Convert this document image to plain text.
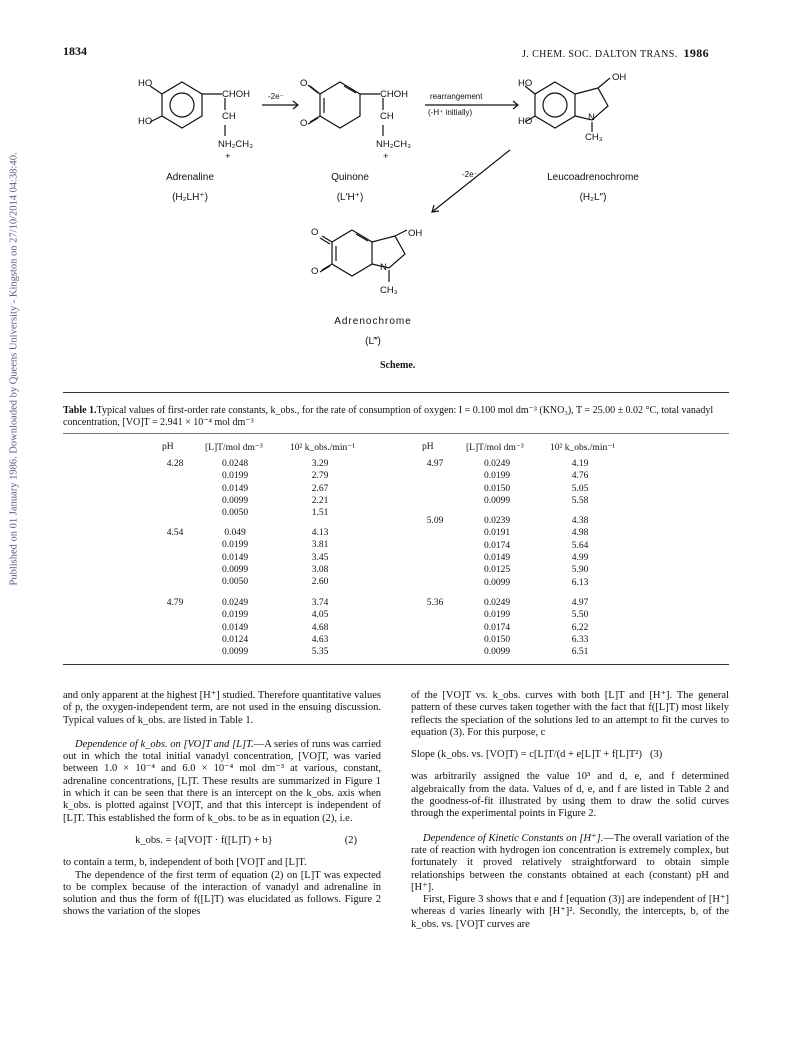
1834	J. CHEM. SOC. DALTON TRANS. 1986
Published on 01 January 1986. Downloaded by Queens University - Kingston on 27/10/2014 04:38:40.
HO
HO
CHOH
CH
NH₂CH₃
+
-2e⁻
O
O
CHOH
CH
NH₂CH₃
+
rearrangement
(-H⁺ initially)
HO
HO
OH
N
CH₃
-2e⁻
O
O
OH
N
CH₃
Adrenaline
(H₂LH⁺)
Quinone
(L′H⁺)
Leucoadrenochrome
(H₂L″)
Adrenochrome
(L‴)
Scheme.
Table 1.Typical values of first-order rate constants, k_obs., for the rate of consumption of oxygen: I = 0.100 mol dm⁻³ (KNO₃), T = 25.00 ± 0.02 °C, total vanadyl concentration, [VO]T = 2.941 × 10⁻⁴ mol dm⁻³
pH	[L]T/mol dm⁻³	10² k_obs./min⁻¹	pH	[L]T/mol dm⁻³	10² k_obs./min⁻¹
4.28	0.0248	3.29
0.0199	2.79
0.0149	2.67
0.0099	2.21
0.0050	1.51
4.54	0.049	4.13
0.0199	3.81
0.0149	3.45
0.0099	3.08
0.0050	2.60
4.79	0.0249	3.74
0.0199	4.05
0.0149	4.68
0.0124	4.63
0.0099	5.35
4.97	0.0249	4.19
0.0199	4.76
0.0150	5.05
0.0099	5.58
5.09	0.0239	4.38
0.0191	4.98
0.0174	5.64
0.0149	4.99
0.0125	5.90
0.0099	6.13
5.36	0.0249	4.97
0.0199	5.50
0.0174	6.22
0.0150	6.33
0.0099	6.51

and only apparent at the highest [H⁺] studied. Therefore quantitative values of p, the oxygen-independent term, are not used in the ensuing discussion. Typical values of k_obs. are listed in Table 1.

Dependence of k_obs. on [VO]T and [L]T.—A series of runs was carried out in which the total initial vanadyl concentration, [VO]T, was varied between 1.0 × 10⁻⁴ and 6.0 × 10⁻⁴ mol dm⁻³ at various, constant, adrenaline concentrations, [L]T. These results are summarized in Figure 1 in which it can be seen that there is an intercept on the k_obs. axis when k_obs. is plotted against [VO]T, and that this intercept is independent of [L]T. This established the form of k_obs. to be as in equation (2), i.e.

k_obs. = {a[VO]T · f([L]T) + b}	(2)

to contain a term, b, independent of both [VO]T and [L]T.

The dependence of the first term of equation (2) on [L]T was expected to be complex because of the interaction of vanadyl and adrenaline in solution and thus the form of f([L]T) was elucidated as follows. Figure 2 shows the variation of the slopes

of the [VO]T vs. k_obs. curves with both [L]T and [H⁺]. The general pattern of these curves taken together with the fact that f([L]T) most likely reflects the speciation of the solutions led to an attempt to fit the curves to equation (3). For this purpose, c

Slope (k_obs. vs. [VO]T) = c[L]T/(d + e[L]T + f[L]T²) (3)

was arbitrarily assigned the value 10³ and d, e, and f determined algebraically from the data. Values of d, e, and f are listed in Table 2 and the goodness-of-fit illustrated by using them to draw the solid curves through the experimental points in Figure 2.

Dependence of Kinetic Constants on [H⁺].—The overall variation of the rate of reaction with hydrogen ion concentration is extremely complex, but fortunately it proved relatively straightforward to obtain simple relationships between the constants obtained at each (constant) pH and [H⁺].

First, Figure 3 shows that e and f [equation (3)] are independent of [H⁺] whereas d varies linearly with [H⁺]². Secondly, the intercepts, b, of the k_obs. vs. [VO]T curves are
